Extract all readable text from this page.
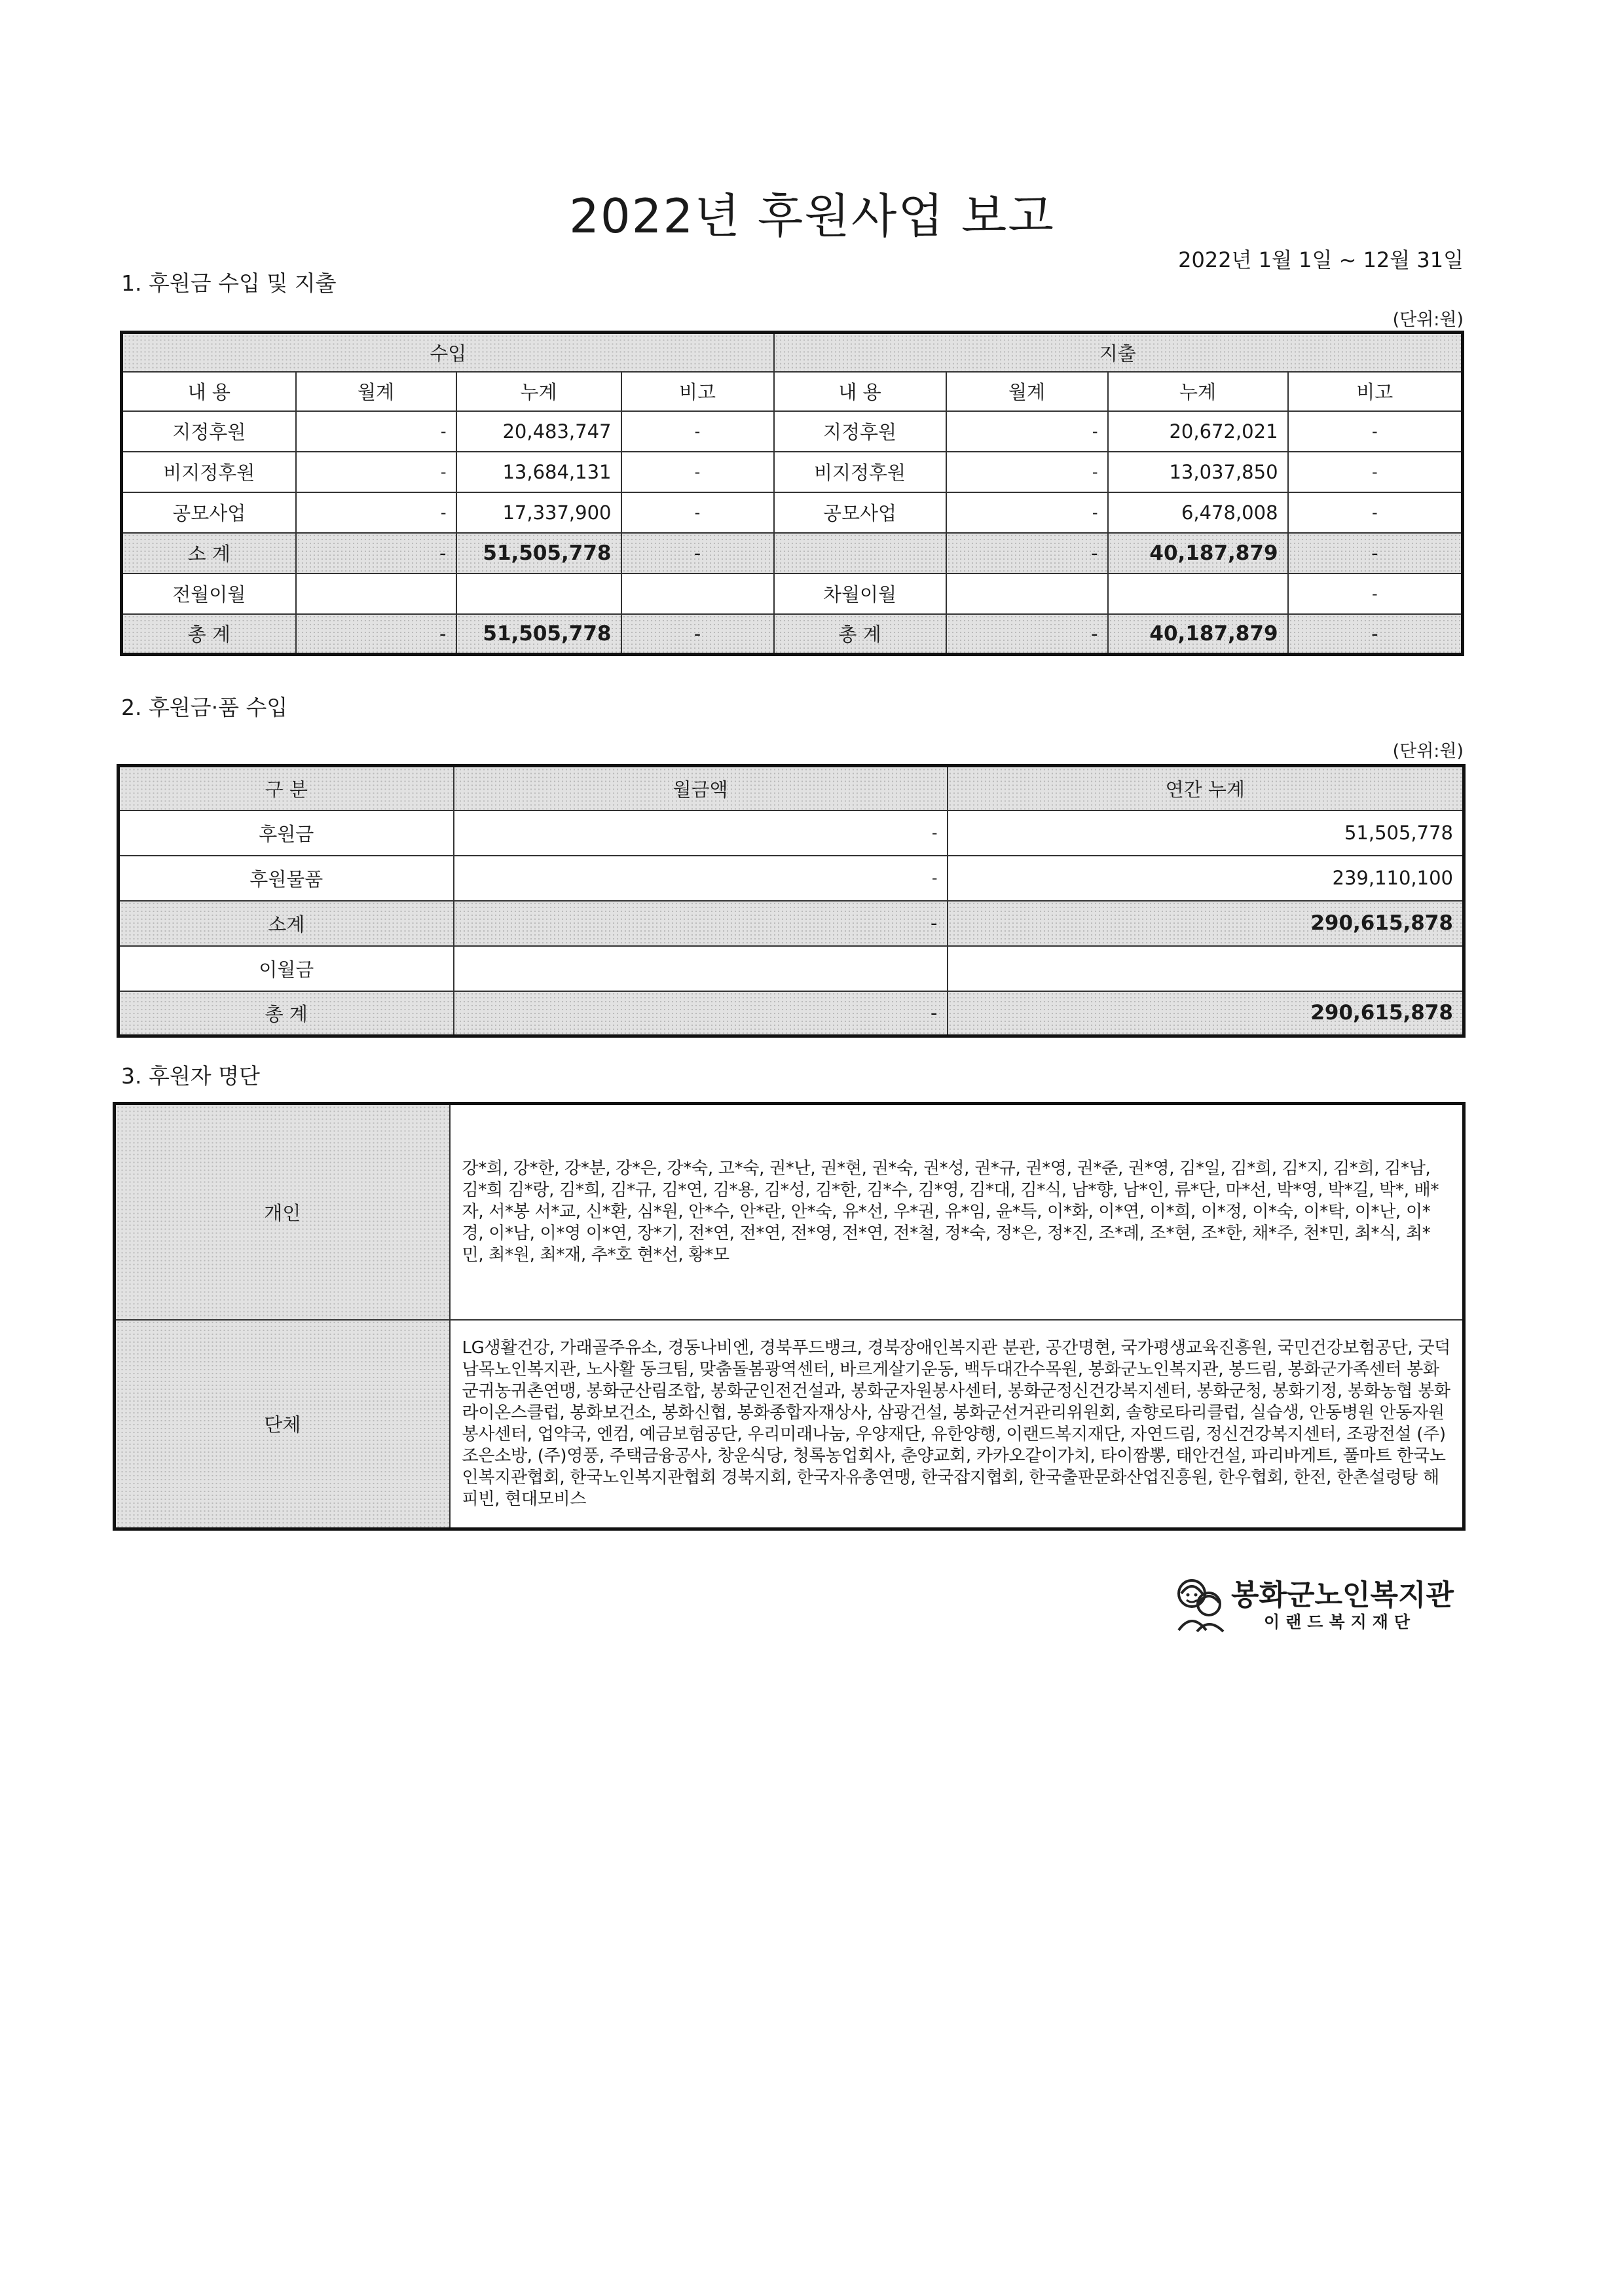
2022년 후원사업 보고
2022년 1월 1일 ~ 12월 31일
1. 후원금 수입 및 지출
(단위:원)
수입				지출			
내 용	월계	누계	비고	내 용	월계	누계	비고
지정후원	-	20,483,747	-	지정후원	-	20,672,021	-
비지정후원	-	13,684,131	-	비지정후원	-	13,037,850	-
공모사업	-	17,337,900	-	공모사업	-	6,478,008	-
소 계	-	51,505,778	-		-	40,187,879	-
전월이월				차월이월			-
총 계	-	51,505,778	-	총 계	-	40,187,879	-
2. 후원금·품 수입
(단위:원)
구 분	월금액	연간 누계
후원금	-	51,505,778
후원물품	-	239,110,100
소계	-	290,615,878
이월금		
총 계	-	290,615,878
3. 후원자 명단
개인	강*희, 강*한, 강*분, 강*은, 강*숙, 고*숙, 권*난, 권*현, 권*숙, 권*성, 권*규, 권*영, 권*준, 권*영, 김*일, 김*희, 김*지, 김*희, 김*남, 김*희 김*랑, 김*희, 김*규, 김*연, 김*용, 김*성, 김*한, 김*수, 김*영, 김*대, 김*식, 남*향, 남*인, 류*단, 마*선, 박*영, 박*길, 박*, 배*자, 서*봉 서*교, 신*환, 심*원, 안*수, 안*란, 안*숙, 유*선, 우*권, 유*임, 윤*득, 이*화, 이*연, 이*희, 이*정, 이*숙, 이*탁, 이*난, 이*경, 이*남, 이*영 이*연, 장*기, 전*연, 전*연, 전*영, 전*연, 전*철, 정*숙, 정*은, 정*진, 조*례, 조*현, 조*한, 채*주, 천*민, 최*식, 최*민, 최*원, 최*재, 추*호 현*선, 황*모
단체	LG생활건강, 가래골주유소, 경동나비엔, 경북푸드뱅크, 경북장애인복지관 분관, 공간명현, 국가평생교육진흥원, 국민건강보험공단, 굿덕 남목노인복지관, 노사활 동크팀, 맞춤돌봄광역센터, 바르게살기운동, 백두대간수목원, 봉화군노인복지관, 봉드림, 봉화군가족센터 봉화군귀농귀촌연맹, 봉화군산림조합, 봉화군인전건설과, 봉화군자원봉사센터, 봉화군정신건강복지센터, 봉화군청, 봉화기정, 봉화농협 봉화라이온스클럽, 봉화보건소, 봉화신협, 봉화종합자재상사, 삼광건설, 봉화군선거관리위원회, 솔향로타리클럽, 실습생, 안동병원 안동자원봉사센터, 업약국, 엔컴, 예금보험공단, 우리미래나눔, 우양재단, 유한양행, 이랜드복지재단, 자연드림, 정신건강복지센터, 조광전설 (주)조은소방, (주)영풍, 주택금융공사, 창운식당, 청록농업회사, 춘양교회, 카카오같이가치, 타이짬뽕, 태안건설, 파리바게트, 풀마트 한국노인복지관협회, 한국노인복지관협회 경북지회, 한국자유총연맹, 한국잡지협회, 한국출판문화산업진흥원, 한우협회, 한전, 한촌설렁탕 해피빈, 현대모비스
봉화군노인복지관
이랜드복지재단
